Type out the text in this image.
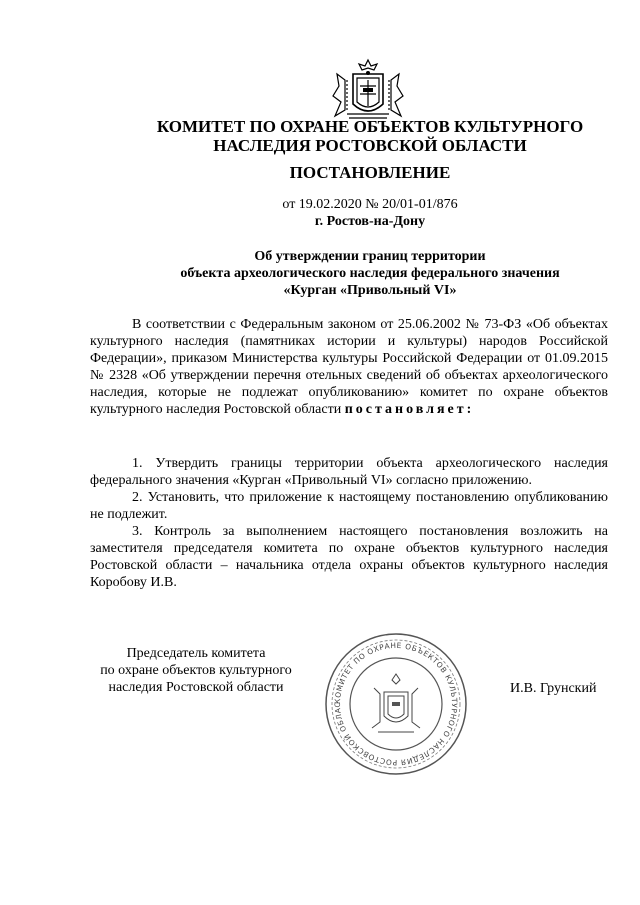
КОМИТЕТ ПО ОХРАНЕ ОБЪЕКТОВ КУЛЬТУРНОГО
НАСЛЕДИЯ РОСТОВСКОЙ ОБЛАСТИ
ПОСТАНОВЛЕНИЕ
от 19.02.2020 № 20/01-01/876
г. Ростов-на-Дону
Об утверждении границ территории
объекта археологического наследия федерального значения
«Курган «Привольный VI»
В соответствии с Федеральным законом от 25.06.2002 № 73-ФЗ «Об объектах культурного наследия (памятниках истории и культуры) народов Российской Федерации», приказом Министерства культуры Российской Федерации от 01.09.2015 № 2328 «Об утверждении перечня отельных сведений об объектах археологического наследия, которые не подлежат опубликованию» комитет по охране объектов культурного наследия Ростовской области постановляет:
1. Утвердить границы территории объекта археологического наследия федерального значения «Курган «Привольный VI» согласно приложению.
2. Установить, что приложение к настоящему постановлению опубликованию не подлежит.
3. Контроль за выполнением настоящего постановления возложить на заместителя председателя комитета по охране объектов культурного наследия Ростовской области – начальника отдела охраны объектов культурного наследия Коробову И.В.
Председатель комитета
по охране объектов культурного
наследия Ростовской области
КОМИТЕТ ПО ОХРАНЕ ОБЪЕКТОВ КУЛЬТУРНОГО НАСЛЕДИЯ РОСТОВСКОЙ ОБЛАС
И.В. Грунский
